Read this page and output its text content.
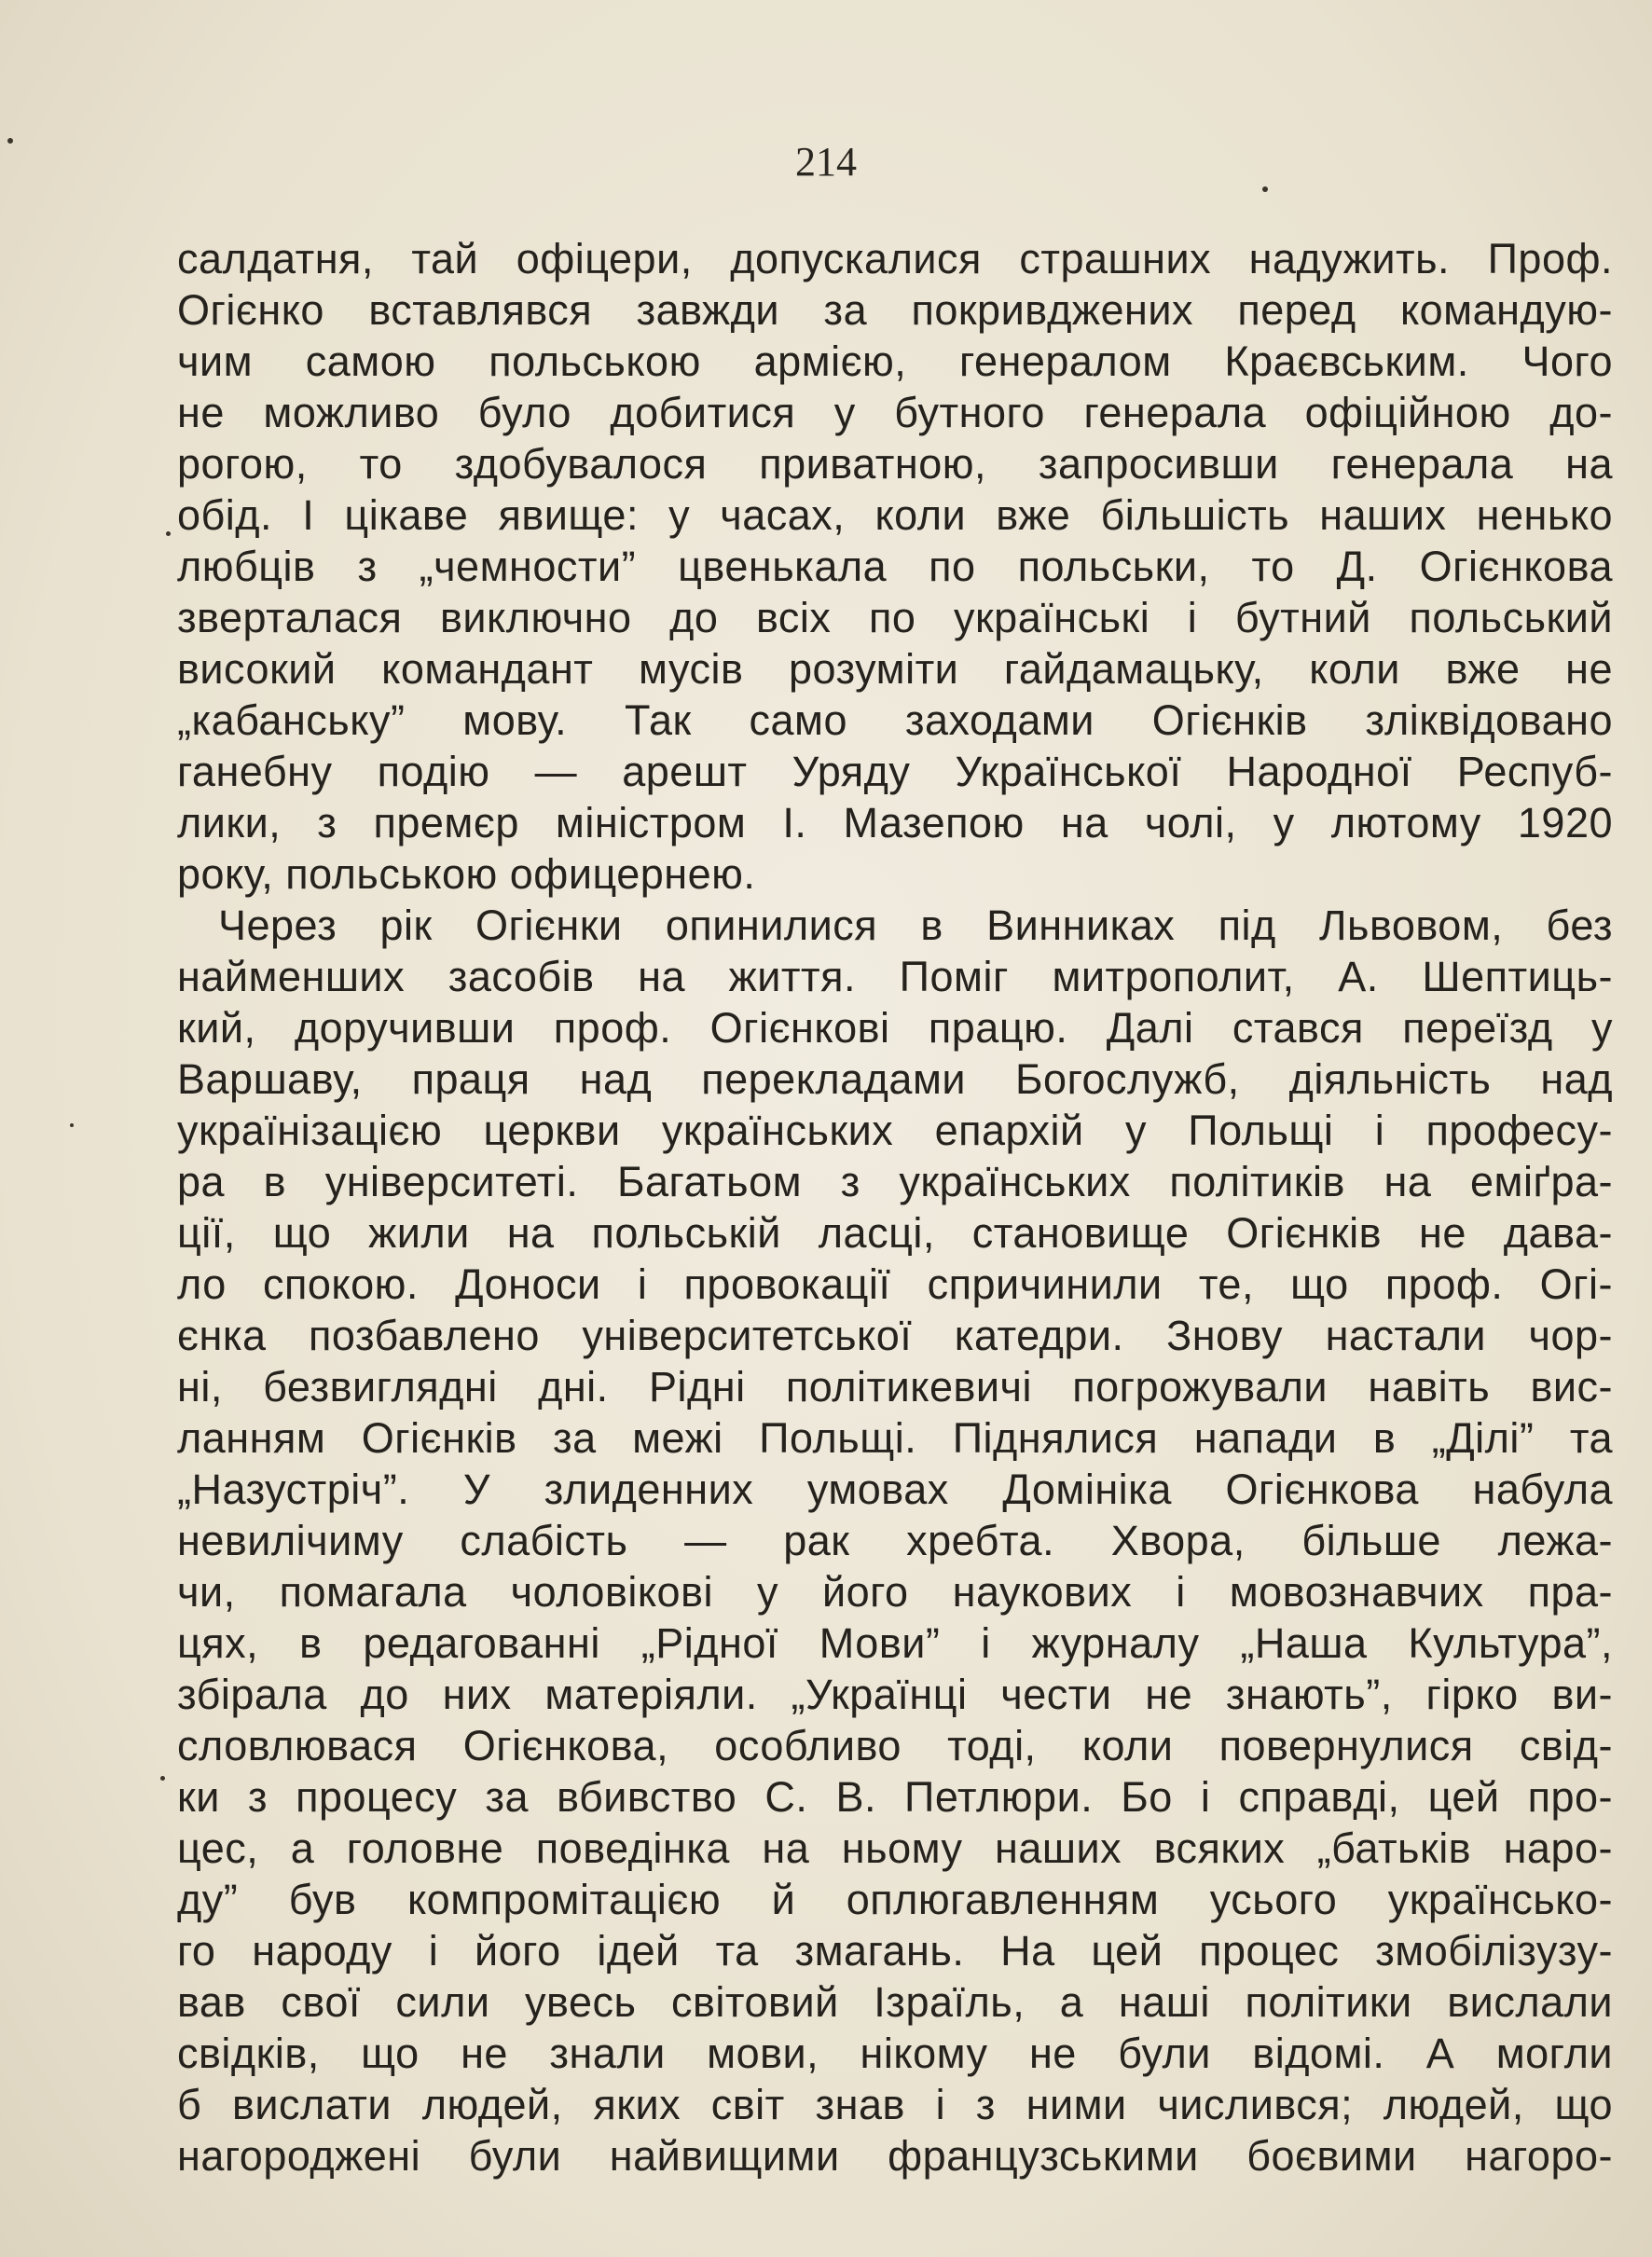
214
салдатня, тай офіцери, допускалися страшних надужить. Проф.
Огієнко вставлявся завжди за покривджених перед командую-
чим самою польською армією, генералом Краєвським. Чого
не можливо було добитися у бутного генерала офіційною до-
рогою, то здобувалося приватною, запросивши генерала на
обід. І цікаве явище: у часах, коли вже більшість наших ненько
любців з „чемности” цвенькала по польськи, то Д. Огієнкова
зверталася виключно до всіх по українські і бутний польський
високий командант мусів розуміти гайдамацьку, коли вже не
„кабанську” мову. Так само заходами Огієнків зліквідовано
ганебну подію — арешт Уряду Української Народної Респуб-
лики, з премєр міністром І. Мазепою на чолі, у лютому 1920
року, польською офицернею.
Через рік Огієнки опинилися в Винниках під Львовом, без
найменших засобів на життя. Поміг митрополит, А. Шептиць-
кий, доручивши проф. Огієнкові працю. Далі стався переїзд у
Варшаву, праця над перекладами Богослужб, діяльність над
українізацією церкви українських епархій у Польщі і професу-
ра в університеті. Багатьом з українських політиків на еміґра-
ції, що жили на польській ласці, становище Огієнків не дава-
ло спокою. Доноси і провокації спричинили те, що проф. Огі-
єнка позбавлено університетської катедри. Знову настали чор-
ні, безвиглядні дні. Рідні політикевичі погрожували навіть вис-
ланням Огієнків за межі Польщі. Піднялися напади в „Ділі” та
„Назустріч”. У злиденних умовах Домініка Огієнкова набула
невилічиму слабість — рак хребта. Хвора, більше лежа-
чи, помагала чоловікові у його наукових і мовознавчих пра-
цях, в редагованні „Рідної Мови” і журналу „Наша Культура”,
збірала до них матеріяли. „Українці чести не знають”, гірко ви-
словлювася Огієнкова, особливо тоді, коли повернулися свід-
ки з процесу за вбивство С. В. Петлюри. Бо і справді, цей про-
цес, а головне поведінка на ньому наших всяких „батьків наро-
ду” був компромітацією й оплюгавленням усього українсько-
го народу і його ідей та змагань. На цей процес змобілізузу-
вав свої сили увесь світовий Ізраїль, а наші політики вислали
свідків, що не знали мови, нікому не були відомі. А могли
б вислати людей, яких світ знав і з ними числився; людей, що
нагороджені були найвищими французськими боєвими нагоро-
